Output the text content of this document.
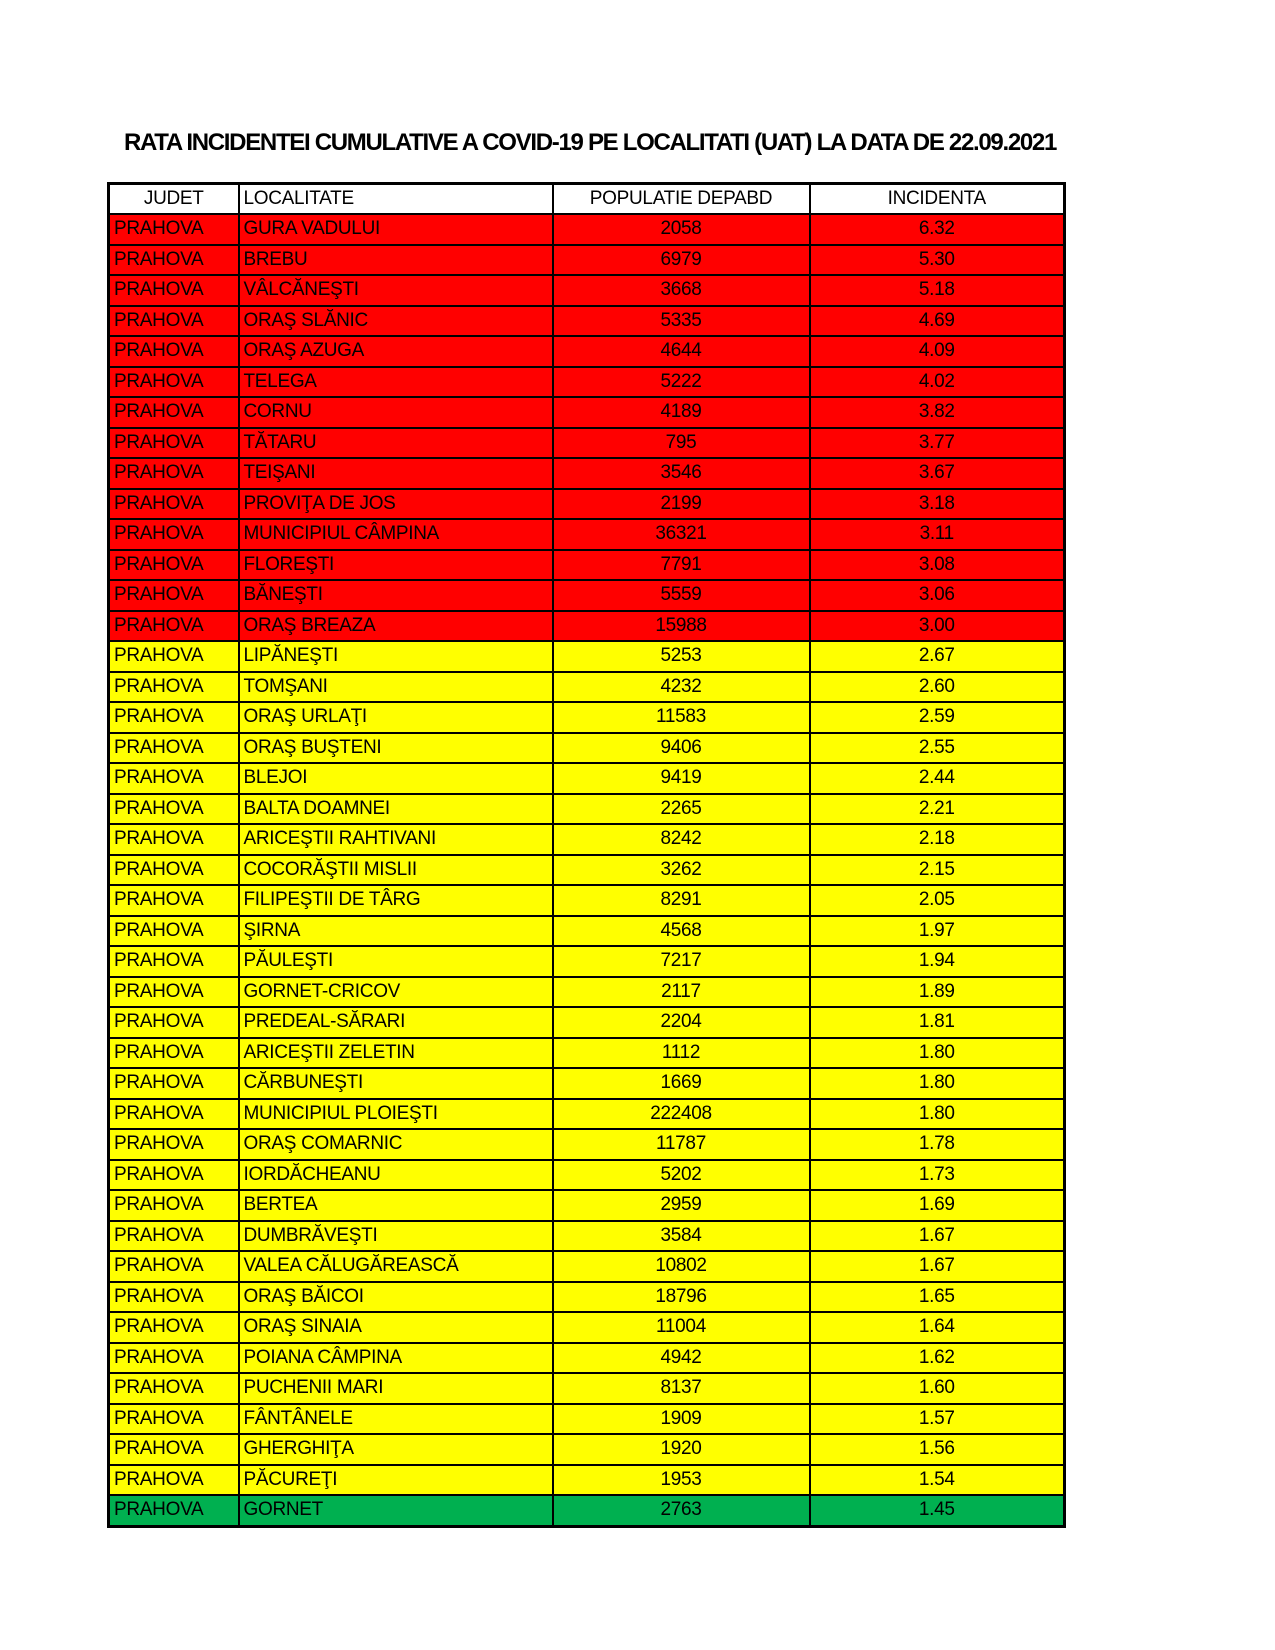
RATA INCIDENTEI CUMULATIVE A COVID-19 PE LOCALITATI (UAT) LA DATA DE 22.09.2021
JUDET	LOCALITATE	POPULATIE DEPABD	INCIDENTA
PRAHOVA	GURA VADULUI	2058	6.32
PRAHOVA	BREBU	6979	5.30
PRAHOVA	VÂLCĂNEŞTI	3668	5.18
PRAHOVA	ORAŞ SLĂNIC	5335	4.69
PRAHOVA	ORAŞ AZUGA	4644	4.09
PRAHOVA	TELEGA	5222	4.02
PRAHOVA	CORNU	4189	3.82
PRAHOVA	TĂTARU	795	3.77
PRAHOVA	TEIŞANI	3546	3.67
PRAHOVA	PROVIŢA DE JOS	2199	3.18
PRAHOVA	MUNICIPIUL CÂMPINA	36321	3.11
PRAHOVA	FLOREŞTI	7791	3.08
PRAHOVA	BĂNEŞTI	5559	3.06
PRAHOVA	ORAŞ BREAZA	15988	3.00
PRAHOVA	LIPĂNEŞTI	5253	2.67
PRAHOVA	TOMŞANI	4232	2.60
PRAHOVA	ORAŞ URLAŢI	11583	2.59
PRAHOVA	ORAŞ BUŞTENI	9406	2.55
PRAHOVA	BLEJOI	9419	2.44
PRAHOVA	BALTA DOAMNEI	2265	2.21
PRAHOVA	ARICEŞTII RAHTIVANI	8242	2.18
PRAHOVA	COCORĂŞTII MISLII	3262	2.15
PRAHOVA	FILIPEŞTII DE TÂRG	8291	2.05
PRAHOVA	ŞIRNA	4568	1.97
PRAHOVA	PĂULEŞTI	7217	1.94
PRAHOVA	GORNET-CRICOV	2117	1.89
PRAHOVA	PREDEAL-SĂRARI	2204	1.81
PRAHOVA	ARICEŞTII ZELETIN	1112	1.80
PRAHOVA	CĂRBUNEŞTI	1669	1.80
PRAHOVA	MUNICIPIUL PLOIEŞTI	222408	1.80
PRAHOVA	ORAŞ COMARNIC	11787	1.78
PRAHOVA	IORDĂCHEANU	5202	1.73
PRAHOVA	BERTEA	2959	1.69
PRAHOVA	DUMBRĂVEŞTI	3584	1.67
PRAHOVA	VALEA CĂLUGĂREASCĂ	10802	1.67
PRAHOVA	ORAŞ BĂICOI	18796	1.65
PRAHOVA	ORAŞ SINAIA	11004	1.64
PRAHOVA	POIANA CÂMPINA	4942	1.62
PRAHOVA	PUCHENII MARI	8137	1.60
PRAHOVA	FÂNTÂNELE	1909	1.57
PRAHOVA	GHERGHIŢA	1920	1.56
PRAHOVA	PĂCUREŢI	1953	1.54
PRAHOVA	GORNET	2763	1.45
